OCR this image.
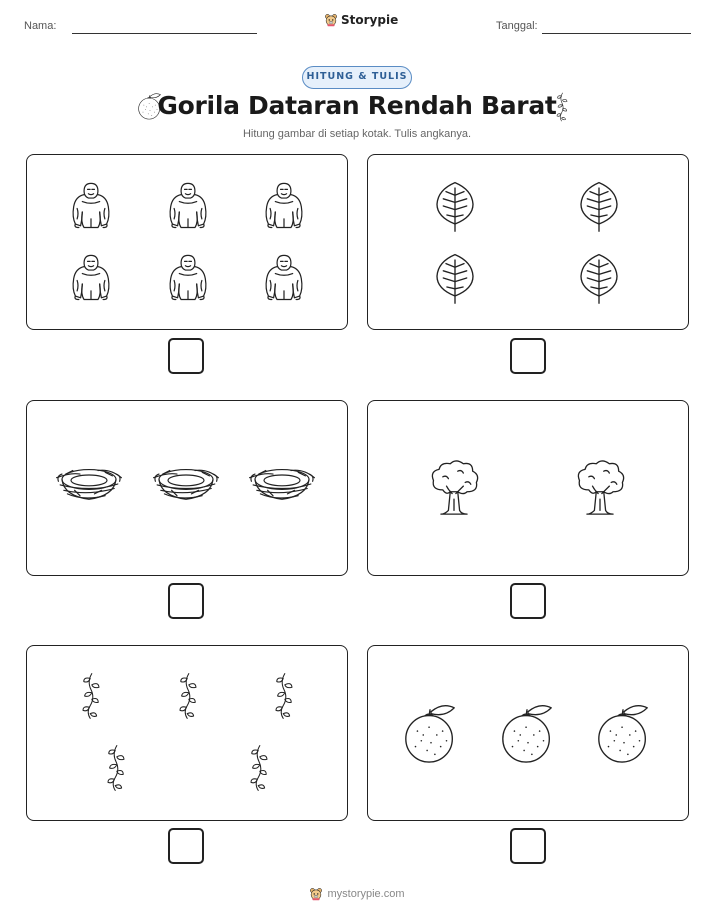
Nama:	Storypie	Tanggal:
HITUNG & TULIS
Gorila Dataran Rendah Barat
Hitung gambar di setiap kotak. Tulis angkanya.
mystorypie.com
